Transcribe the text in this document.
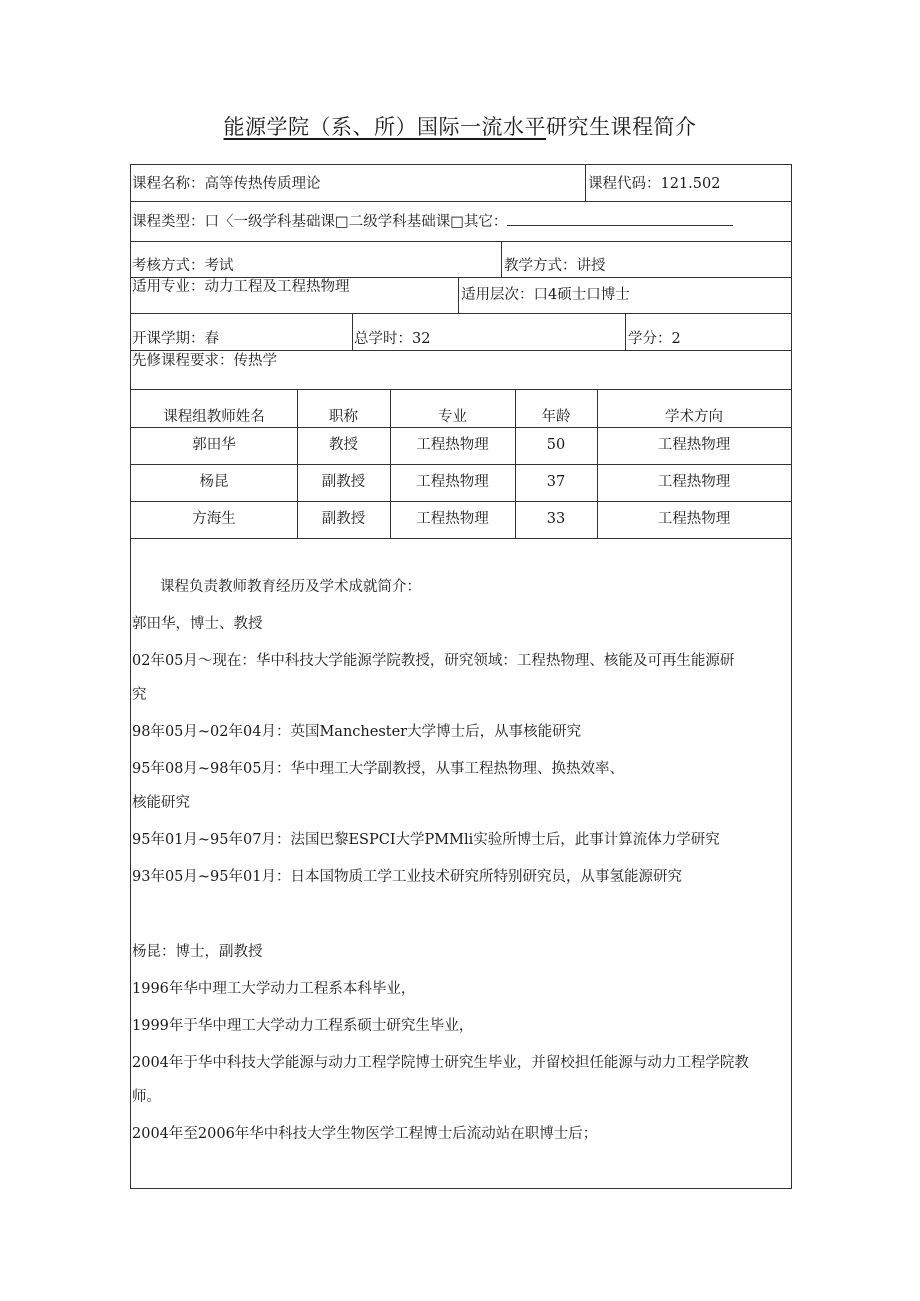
能源学院（系、所）国际一流水平研究生课程简介
课程名称：高等传热传质理论	课程代码：121.502
课程类型：口〈一级学科基础课□二级学科基础课□其它：
考核方式：考试	教学方式：讲授
适用专业：动力工程及工程热物理	适用层次：口4硕士口博士
开课学期：春	总学时：32	学分：2
先修课程要求：传热学
课程组教师姓名	职称	专业	年龄	学术方向
郭田华	教授	工程热物理	50	工程热物理
杨昆	副教授	工程热物理	37	工程热物理
方海生	副教授	工程热物理	33	工程热物理

课程负责教师教育经历及学术成就简介：

郭田华，博士、教授

02年05月～现在：华中科技大学能源学院教授，研究领域：工程热物理、核能及可再生能源研

究

98年05月~02年04月：英国Manchester大学博士后，从事核能研究

95年08月~98年05月：华中理工大学副教授，从事工程热物理、换热效率、

核能研究

95年01月~95年07月：法国巴黎ESPCI大学PMMli实验所博士后，此事计算流体力学研究

93年05月~95年01月：日本国物质工学工业技术研究所特别研究员，从事氢能源研究

杨昆：博士，副教授

1996年华中理工大学动力工程系本科毕业，

1999年于华中理工大学动力工程系硕士研究生毕业，

2004年于华中科技大学能源与动力工程学院博士研究生毕业，并留校担任能源与动力工程学院教

师。

2004年至2006年华中科技大学生物医学工程博士后流动站在职博士后；
